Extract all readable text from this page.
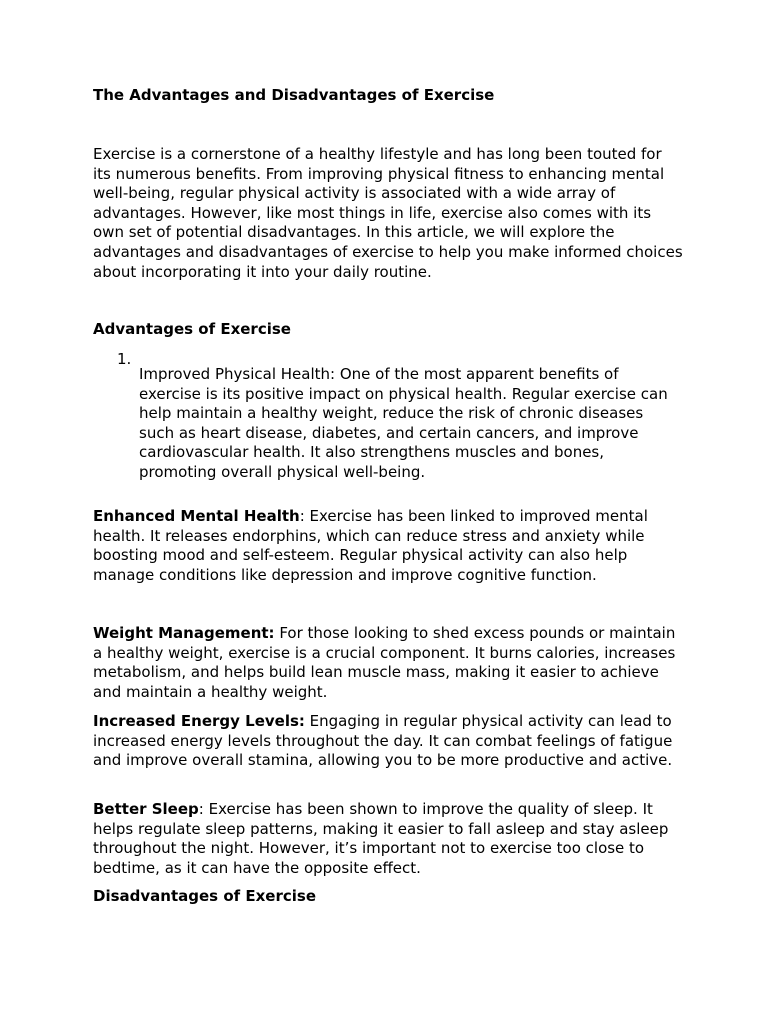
The Advantages and Disadvantages of Exercise

Exercise is a cornerstone of a healthy lifestyle and has long been touted for its numerous benefits. From improving physical fitness to enhancing mental well-being, regular physical activity is associated with a wide array of advantages. However, like most things in life, exercise also comes with its own set of potential disadvantages. In this article, we will explore the advantages and disadvantages of exercise to help you make informed choices about incorporating it into your daily routine.

Advantages of Exercise

1.

Improved Physical Health: One of the most apparent benefits of exercise is its positive impact on physical health. Regular exercise can help maintain a healthy weight, reduce the risk of chronic diseases such as heart disease, diabetes, and certain cancers, and improve cardiovascular health. It also strengthens muscles and bones, promoting overall physical well-being.

Enhanced Mental Health: Exercise has been linked to improved mental health. It releases endorphins, which can reduce stress and anxiety while boosting mood and self-esteem. Regular physical activity can also help manage conditions like depression and improve cognitive function.

Weight Management: For those looking to shed excess pounds or maintain a healthy weight, exercise is a crucial component. It burns calories, increases metabolism, and helps build lean muscle mass, making it easier to achieve and maintain a healthy weight.

Increased Energy Levels: Engaging in regular physical activity can lead to increased energy levels throughout the day. It can combat feelings of fatigue and improve overall stamina, allowing you to be more productive and active.

Better Sleep: Exercise has been shown to improve the quality of sleep. It helps regulate sleep patterns, making it easier to fall asleep and stay asleep throughout the night. However, it’s important not to exercise too close to bedtime, as it can have the opposite effect.

Disadvantages of Exercise
